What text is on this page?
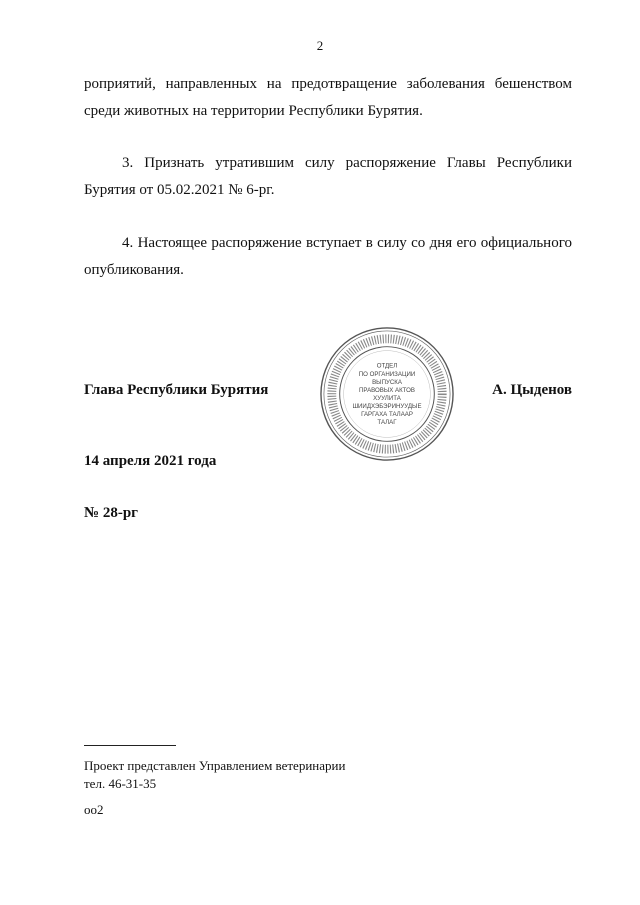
2
роприятий, направленных на предотвращение заболевания бешенством среди животных на территории Республики Бурятия.
3. Признать утратившим силу распоряжение Главы Республики Бурятия от 05.02.2021 № 6-рг.
4. Настоящее распоряжение вступает в силу со дня его официального опубликования.
ОТДЕЛ
ПО ОРГАНИЗАЦИИ
ВЫПУСКА
ПРАВОВЫХ АКТОВ
ХУУЛИТА
ШИИДХЭБЭРИНУУДЫЕ
ГАРГАХА ТАЛААР
ТАЛАГ
Глава Республики Бурятия	А. Цыденов
14 апреля 2021 года
№ 28-рг
Проект представлен Управлением ветеринарии
тел. 46-31-35
оо2
